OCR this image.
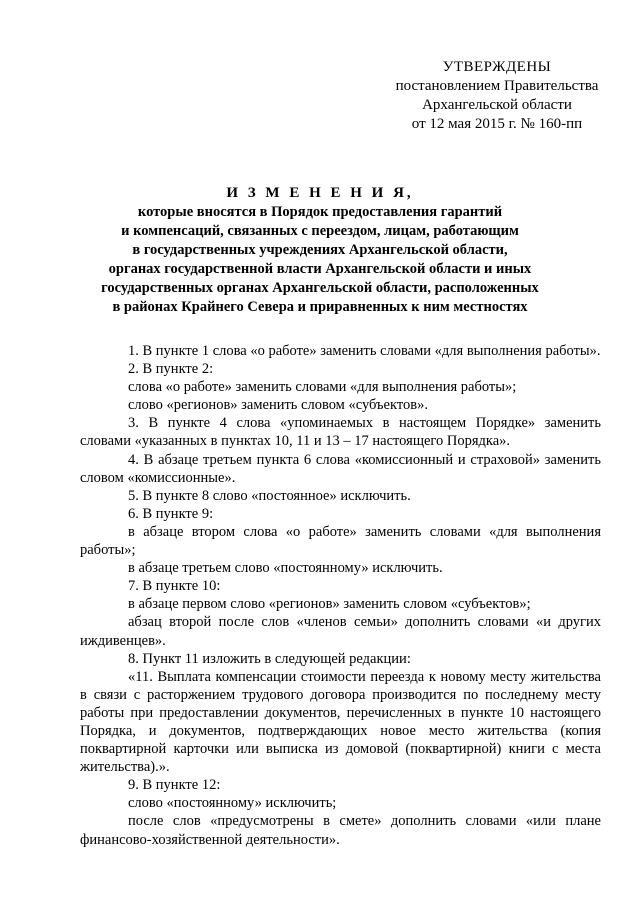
УТВЕРЖДЕНЫ
постановлением Правительства
Архангельской области
от 12 мая 2015 г. № 160-пп
И З М Е Н Е Н И Я,
которые вносятся в Порядок предоставления гарантий
и компенсаций, связанных с переездом, лицам, работающим
в государственных учреждениях Архангельской области,
органах государственной власти Архангельской области и иных
государственных органах Архангельской области, расположенных
в районах Крайнего Севера и приравненных к ним местностях

1. В пункте 1 слова «о работе» заменить словами «для выполнения работы».

2. В пункте 2:

слова «о работе» заменить словами «для выполнения работы»;

слово «регионов» заменить словом «субъектов».

3. В пункте 4 слова «упоминаемых в настоящем Порядке» заменить словами «указанных в пунктах 10, 11 и 13 – 17 настоящего Порядка».

4. В абзаце третьем пункта 6 слова «комиссионный и страховой» заменить словом «комиссионные».

5. В пункте 8 слово «постоянное» исключить.

6. В пункте 9:

в абзаце втором слова «о работе» заменить словами «для выполнения работы»;

в абзаце третьем слово «постоянному» исключить.

7. В пункте 10:

в абзаце первом слово «регионов» заменить словом «субъектов»;

абзац второй после слов «членов семьи» дополнить словами «и других иждивенцев».

8. Пункт 11 изложить в следующей редакции:

«11. Выплата компенсации стоимости переезда к новому месту жительства в связи с расторжением трудового договора производится по последнему месту работы при предоставлении документов, перечисленных в пункте 10 настоящего Порядка, и документов, подтверждающих новое место жительства (копия поквартирной карточки или выписка из домовой (поквартирной) книги с места жительства).».

9. В пункте 12:

слово «постоянному» исключить;

после слов «предусмотрены в смете» дополнить словами «или плане финансово-хозяйственной деятельности».
